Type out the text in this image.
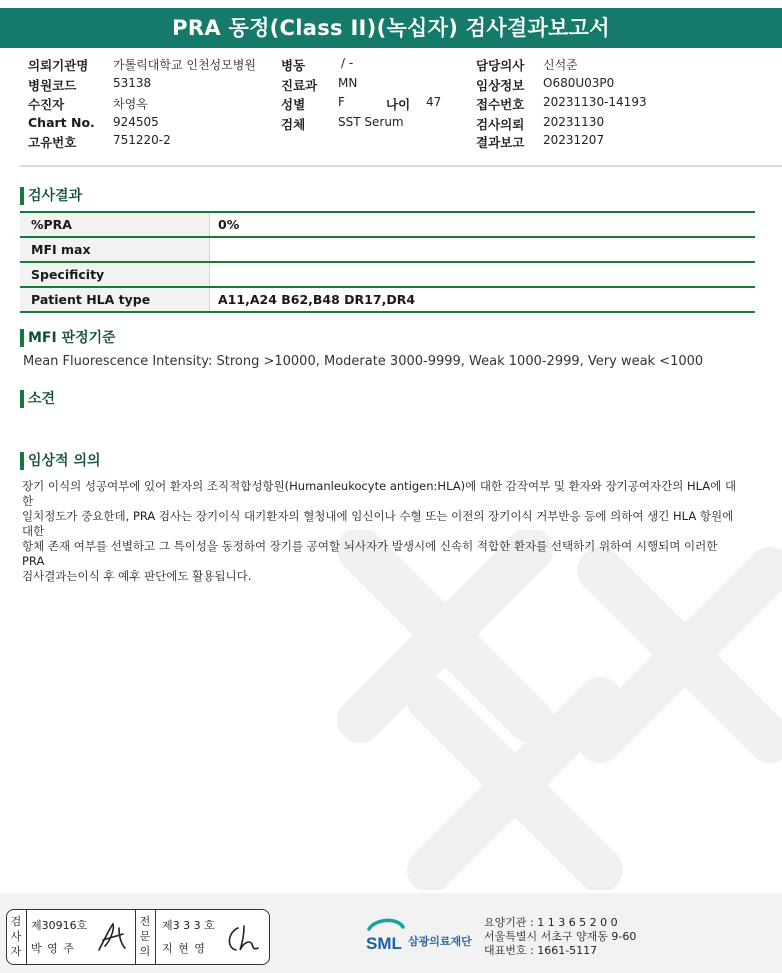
PRA 동정(Class II)(녹십자) 검사결과보고서
의뢰기관명 가톨릭대학교 인천성모병원 병동	/ -	담당의사 신석준
병원코드	53138	진료과 MN	임상정보 O680U03P0
수진자	차영옥	성별	F	나이 47	접수번호 20231130-14193
Chart No. 924505	검체	SST Serum	검사의뢰 20231130
고유번호	751220-2	결과보고 20231207
검사결과
%PRA	0%
MFI max
Specificity
Patient HLA type	A11,A24 B62,B48 DR17,DR4
MFI 판정기준
Mean Fluorescence Intensity: Strong >10000, Moderate 3000-9999, Weak 1000-2999, Very weak <1000
소견
임상적 의의
장기 이식의 성공여부에 있어 환자의 조직적합성항원(Humanleukocyte antigen:HLA)에 대한 감작여부 및 환자와 장기공여자간의 HLA에 대한
일치정도가 중요한데, PRA 검사는 장기이식 대기환자의 혈청내에 임신이나 수혈 또는 이전의 장기이식 거부반응 등에 의하여 생긴 HLA 항원에 대한
항체 존재 여부를 선별하고 그 특이성을 동정하여 장기를 공여할 뇌사자가 발생시에 신속히 적합한 환자를 선택하기 위하여 시행되며 이러한 PRA
검사결과는이식 후 예후 판단에도 활용됩니다.
검사자
제30916호
박 영 주
전문의
제3 3 3 호
지 현 영	SML 삼광의료재단
요양기관 : 1 1 3 6 5 2 0 0
서울특별시 서초구 양재동 9-60
대표번호 : 1661-5117
